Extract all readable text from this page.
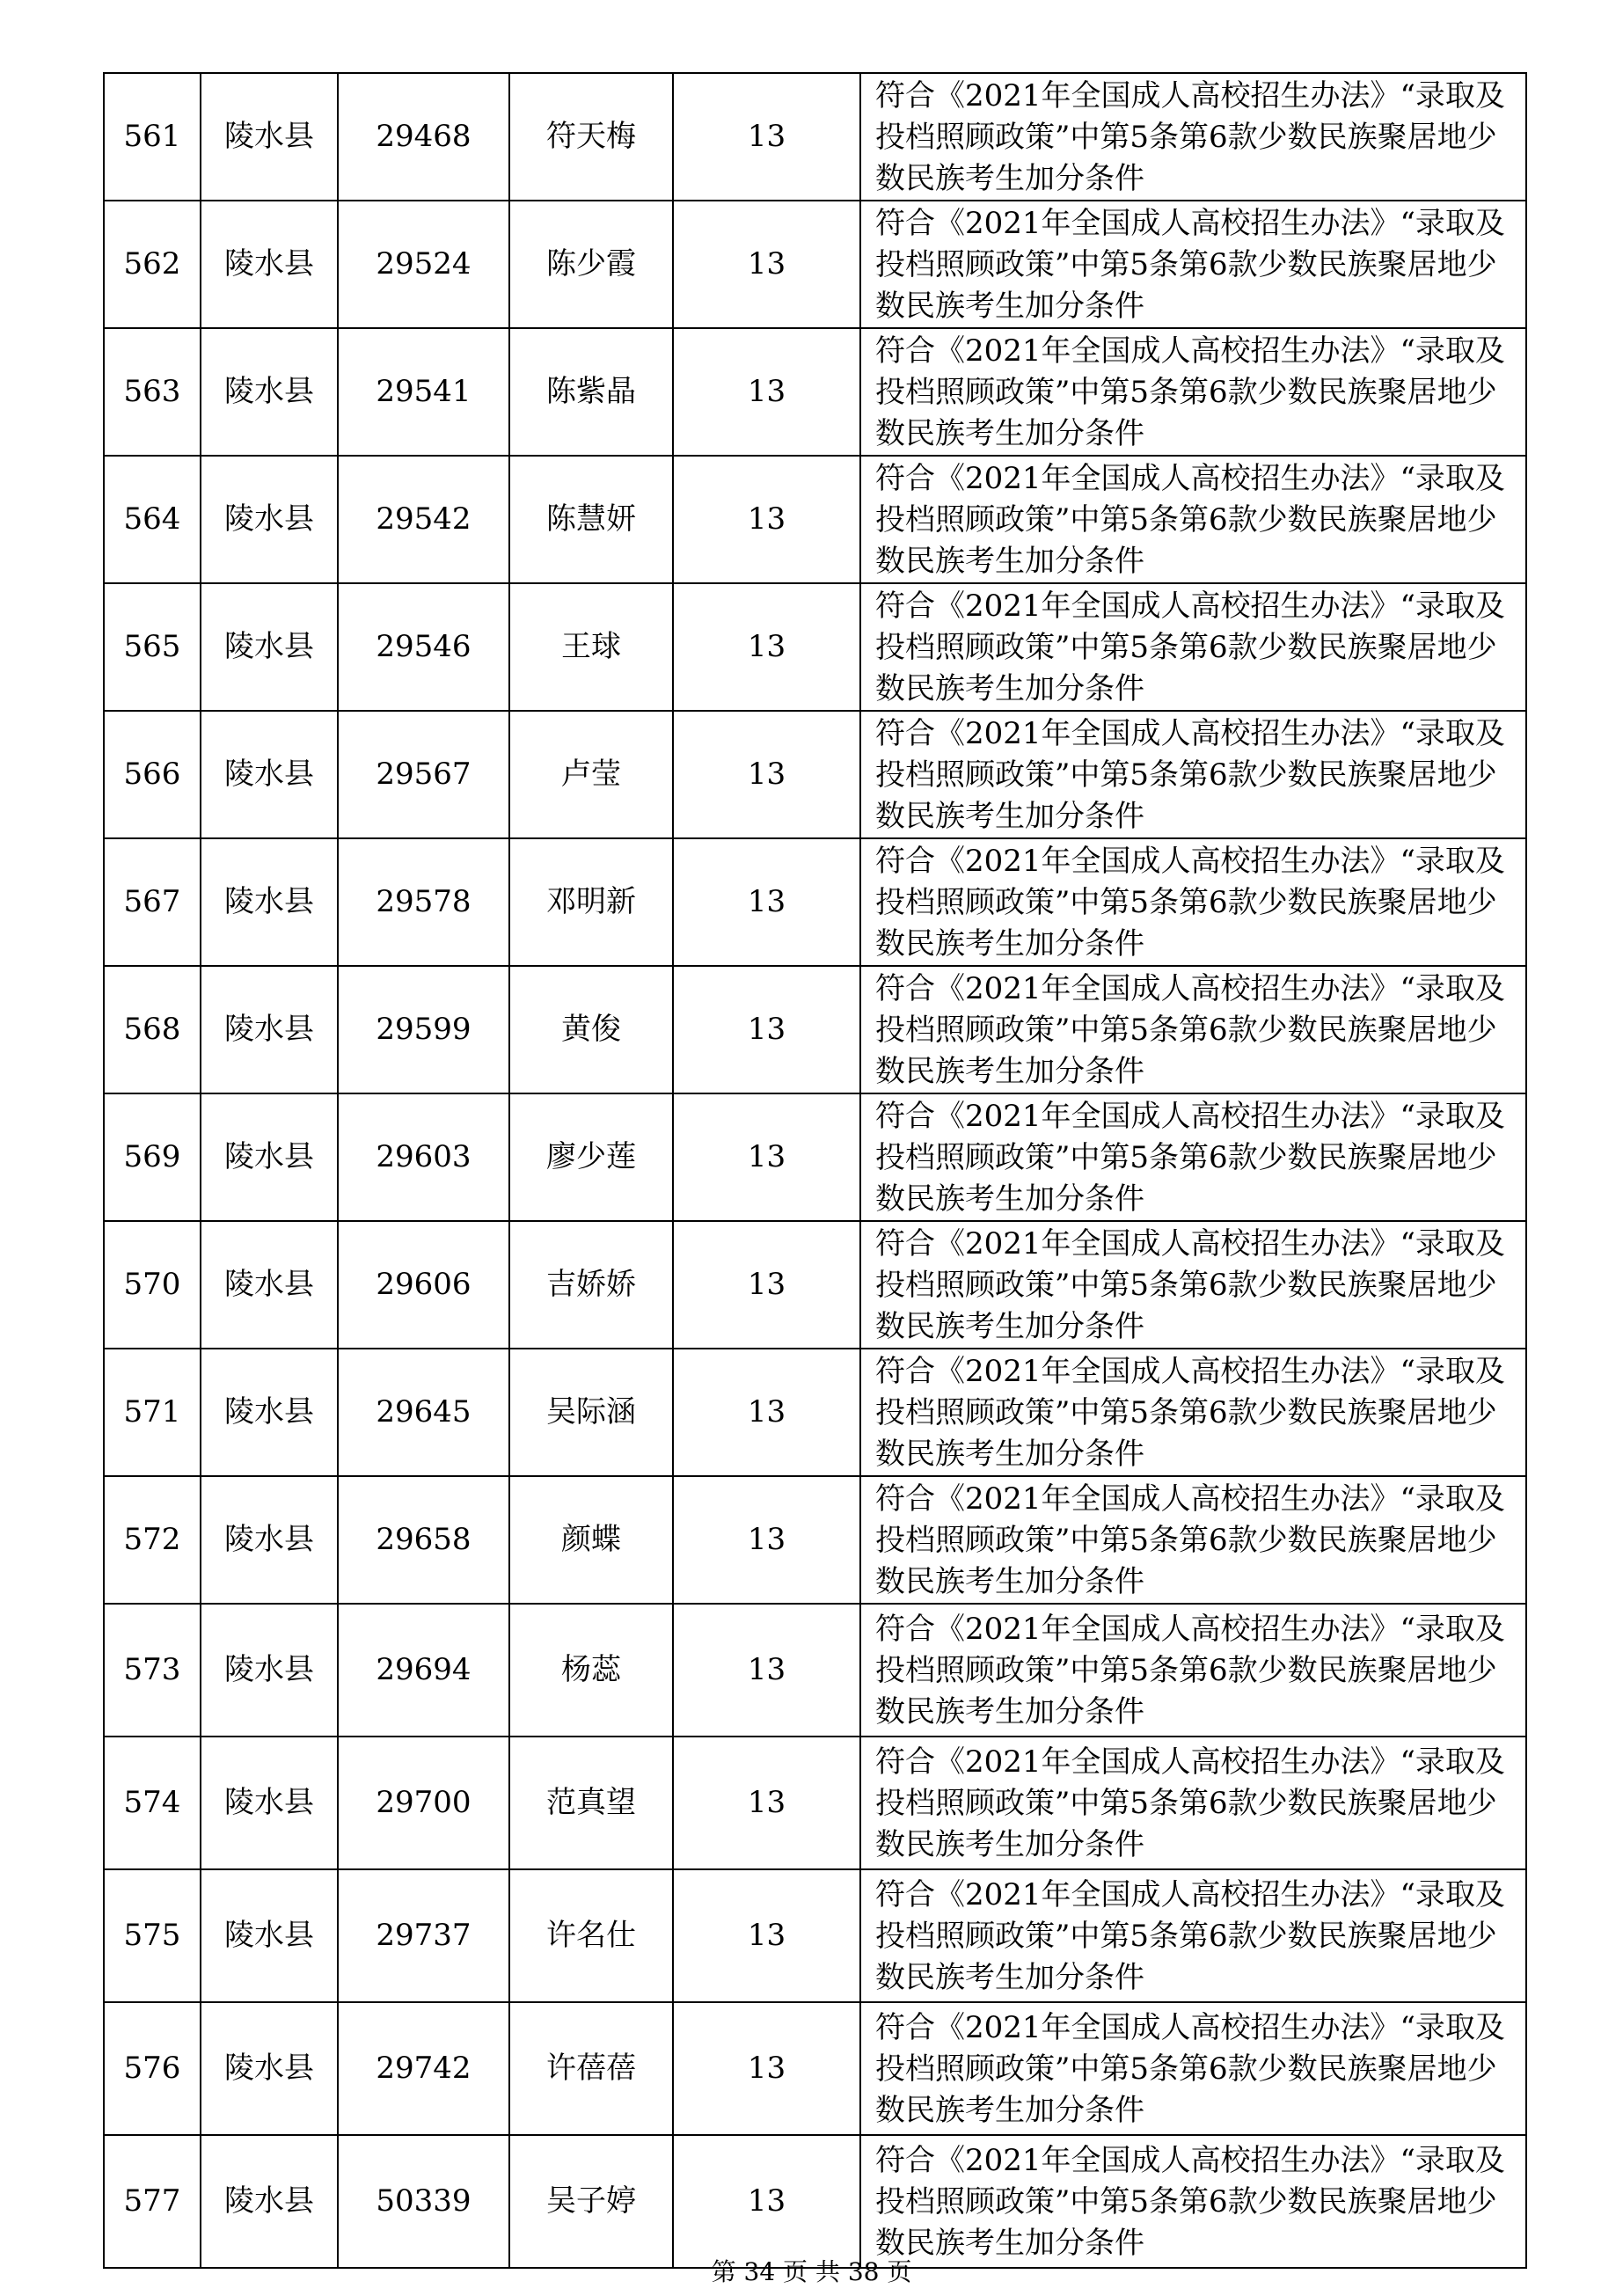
561	陵水县	29468	符天梅	13	符合《2021年全国成人高校招生办法》“录取及投档照顾政策”中第5条第6款少数民族聚居地少数民族考生加分条件
562	陵水县	29524	陈少霞	13	符合《2021年全国成人高校招生办法》“录取及投档照顾政策”中第5条第6款少数民族聚居地少数民族考生加分条件
563	陵水县	29541	陈紫晶	13	符合《2021年全国成人高校招生办法》“录取及投档照顾政策”中第5条第6款少数民族聚居地少数民族考生加分条件
564	陵水县	29542	陈慧妍	13	符合《2021年全国成人高校招生办法》“录取及投档照顾政策”中第5条第6款少数民族聚居地少数民族考生加分条件
565	陵水县	29546	王球	13	符合《2021年全国成人高校招生办法》“录取及投档照顾政策”中第5条第6款少数民族聚居地少数民族考生加分条件
566	陵水县	29567	卢莹	13	符合《2021年全国成人高校招生办法》“录取及投档照顾政策”中第5条第6款少数民族聚居地少数民族考生加分条件
567	陵水县	29578	邓明新	13	符合《2021年全国成人高校招生办法》“录取及投档照顾政策”中第5条第6款少数民族聚居地少数民族考生加分条件
568	陵水县	29599	黄俊	13	符合《2021年全国成人高校招生办法》“录取及投档照顾政策”中第5条第6款少数民族聚居地少数民族考生加分条件
569	陵水县	29603	廖少莲	13	符合《2021年全国成人高校招生办法》“录取及投档照顾政策”中第5条第6款少数民族聚居地少数民族考生加分条件
570	陵水县	29606	吉娇娇	13	符合《2021年全国成人高校招生办法》“录取及投档照顾政策”中第5条第6款少数民族聚居地少数民族考生加分条件
571	陵水县	29645	吴际涵	13	符合《2021年全国成人高校招生办法》“录取及投档照顾政策”中第5条第6款少数民族聚居地少数民族考生加分条件
572	陵水县	29658	颜蝶	13	符合《2021年全国成人高校招生办法》“录取及投档照顾政策”中第5条第6款少数民族聚居地少数民族考生加分条件
573	陵水县	29694	杨蕊	13	符合《2021年全国成人高校招生办法》“录取及投档照顾政策”中第5条第6款少数民族聚居地少数民族考生加分条件
574	陵水县	29700	范真望	13	符合《2021年全国成人高校招生办法》“录取及投档照顾政策”中第5条第6款少数民族聚居地少数民族考生加分条件
575	陵水县	29737	许名仕	13	符合《2021年全国成人高校招生办法》“录取及投档照顾政策”中第5条第6款少数民族聚居地少数民族考生加分条件
576	陵水县	29742	许蓓蓓	13	符合《2021年全国成人高校招生办法》“录取及投档照顾政策”中第5条第6款少数民族聚居地少数民族考生加分条件
577	陵水县	50339	吴子婷	13	符合《2021年全国成人高校招生办法》“录取及投档照顾政策”中第5条第6款少数民族聚居地少数民族考生加分条件
第 34 页 共 38 页
